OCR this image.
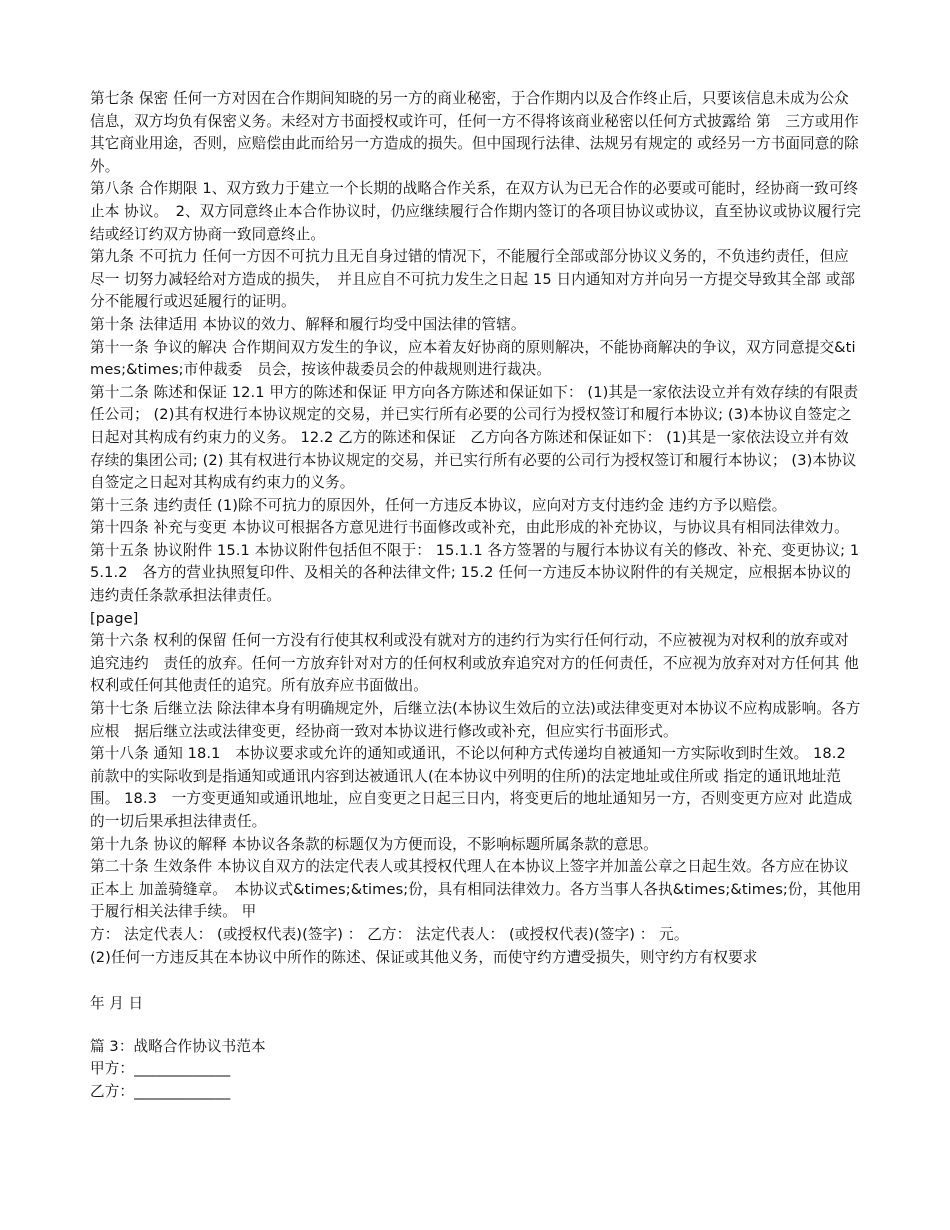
第七条 保密 任何一方对因在合作期间知晓的另一方的商业秘密，于合作期内以及合作终止后，只要该信息未成为公众　信息，双方均负有保密义务。未经对方书面授权或许可，任何一方不得将该商业秘密以任何方式披露给 第　三方或用作其它商业用途，否则，应赔偿由此而给另一方造成的损失。但中国现行法律、法规另有规定的 或经另一方书面同意的除外。

第八条 合作期限 1、双方致力于建立一个长期的战略合作关系，在双方认为已无合作的必要或可能时，经协商一致可终止本 协议。　2、双方同意终止本合作协议时，仍应继续履行合作期内签订的各项目协议或协议，直至协议或协议履行完 结或经订约双方协商一致同意终止。

第九条 不可抗力 任何一方因不可抗力且无自身过错的情况下，不能履行全部或部分协议义务的，不负违约责任，但应尽一 切努力减轻给对方造成的损失，　并且应自不可抗力发生之日起 15 日内通知对方并向另一方提交导致其全部 或部分不能履行或迟延履行的证明。

第十条 法律适用 本协议的效力、解释和履行均受中国法律的管辖。

第十一条 争议的解决 合作期间双方发生的争议，应本着友好协商的原则解决，不能协商解决的争议，双方同意提交&times;&times;市仲裁委　员会，按该仲裁委员会的仲裁规则进行裁决。

第十二条 陈述和保证 12.1 甲方的陈述和保证 甲方向各方陈述和保证如下： (1)其是一家依法设立并有效存续的有限责任公司； (2)其有权进行本协议规定的交易，并已实行所有必要的公司行为授权签订和履行本协议; (3)本协议自签定之日起对其构成有约束力的义务。 12.2 乙方的陈述和保证　乙方向各方陈述和保证如下： (1)其是一家依法设立并有效存续的集团公司; (2) 其有权进行本协议规定的交易，并已实行所有必要的公司行为授权签订和履行本协议； (3)本协议自签定之日起对其构成有约束力的义务。

第十三条 违约责任 (1)除不可抗力的原因外，任何一方违反本协议，应向对方支付违约金 违约方予以赔偿。

第十四条 补充与变更 本协议可根据各方意见进行书面修改或补充，由此形成的补充协议，与协议具有相同法律效力。

第十五条 协议附件 15.1 本协议附件包括但不限于： 15.1.1 各方签署的与履行本协议有关的修改、补充、变更协议; 15.1.2　各方的营业执照复印件、及相关的各种法律文件; 15.2 任何一方违反本协议附件的有关规定，应根据本协议的违约责任条款承担法律责任。

[page]

第十六条 权利的保留 任何一方没有行使其权利或没有就对方的违约行为实行任何行动，不应被视为对权利的放弃或对追究违约　责任的放弃。任何一方放弃针对对方的任何权利或放弃追究对方的任何责任，不应视为放弃对对方任何其 他权利或任何其他责任的追究。所有放弃应书面做出。

第十七条 后继立法 除法律本身有明确规定外，后继立法(本协议生效后的立法)或法律变更对本协议不应构成影响。各方应根　据后继立法或法律变更，经协商一致对本协议进行修改或补充，但应实行书面形式。

第十八条 通知 18.1　本协议要求或允许的通知或通讯，不论以何种方式传递均自被通知一方实际收到时生效。 18.2　前款中的实际收到是指通知或通讯内容到达被通讯人(在本协议中列明的住所)的法定地址或住所或 指定的通讯地址范围。 18.3　一方变更通知或通讯地址，应自变更之日起三日内，将变更后的地址通知另一方，否则变更方应对 此造成的一切后果承担法律责任。

第十九条 协议的解释 本协议各条款的标题仅为方便而设，不影响标题所属条款的意思。

第二十条 生效条件 本协议自双方的法定代表人或其授权代理人在本协议上签字并加盖公章之日起生效。各方应在协议正本上 加盖骑缝章。　本协议式&times;&times;份，具有相同法律效力。各方当事人各执&times;&times;份，其他用于履行相关法律手续。 甲

方： 法定代表人： (或授权代表)(签字) ： 乙方： 法定代表人： (或授权代表)(签字) ： 元。

(2)任何一方违反其在本协议中所作的陈述、保证或其他义务，而使守约方遭受损失，则守约方有权要求

年 月 日

篇 3：战略合作协议书范本

甲方：_____________

乙方：_____________
